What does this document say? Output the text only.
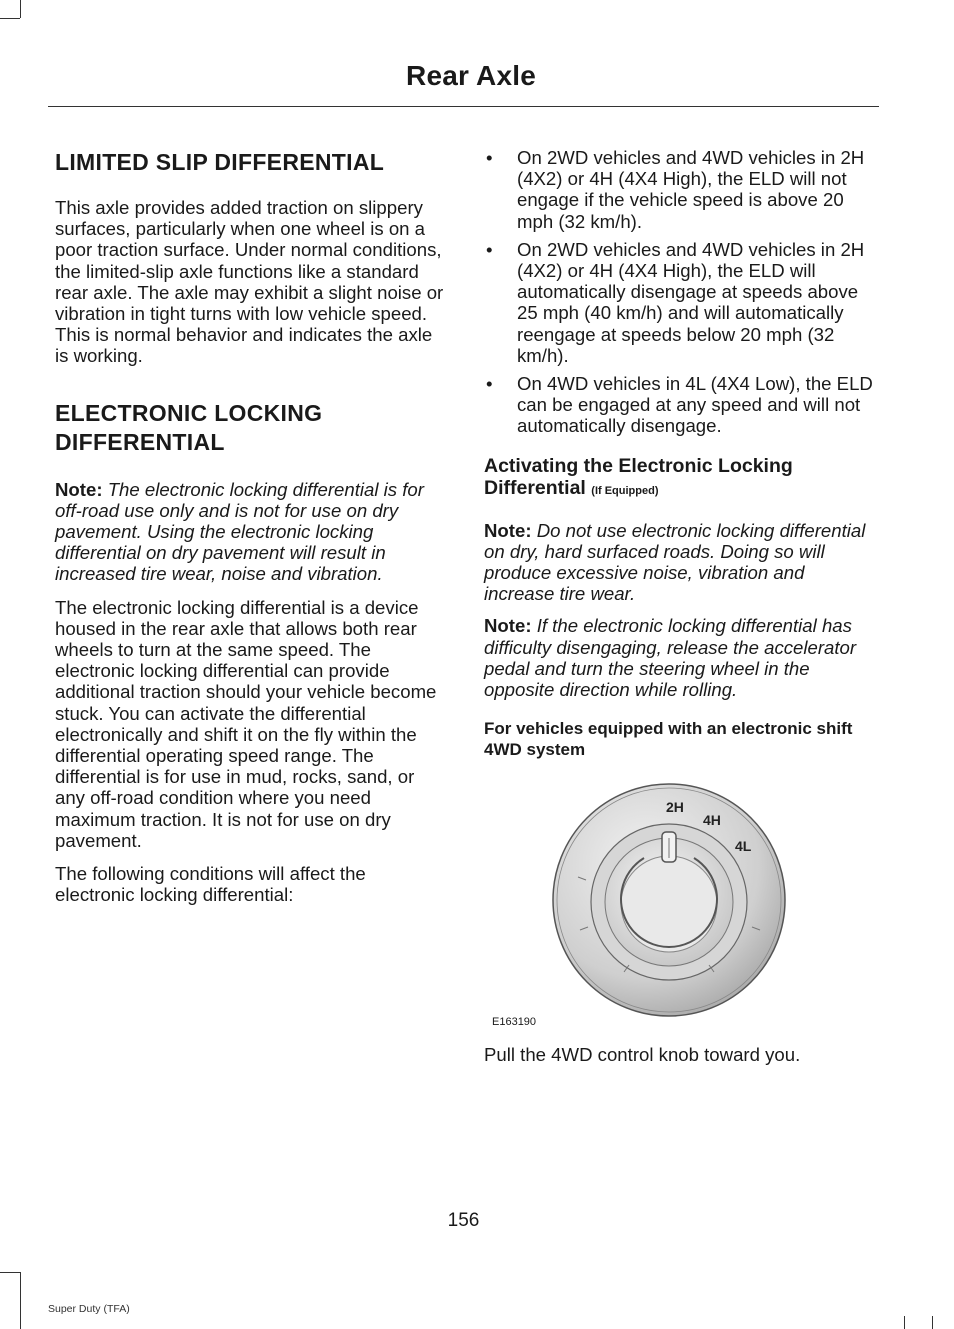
Rear Axle
LIMITED SLIP DIFFERENTIAL

This axle provides added traction on slippery surfaces, particularly when one wheel is on a poor traction surface. Under normal conditions, the limited-slip axle functions like a standard rear axle. The axle may exhibit a slight noise or vibration in tight turns with low vehicle speed. This is normal behavior and indicates the axle is working.

ELECTRONIC LOCKING DIFFERENTIAL

Note: The electronic locking differential is for off-road use only and is not for use on dry pavement. Using the electronic locking differential on dry pavement will result in increased tire wear, noise and vibration.

The electronic locking differential is a device housed in the rear axle that allows both rear wheels to turn at the same speed. The electronic locking differential can provide additional traction should your vehicle become stuck. You can activate the differential electronically and shift it on the fly within the differential operating speed range. The differential is for use in mud, rocks, sand, or any off-road condition where you need maximum traction. It is not for use on dry pavement.

The following conditions will affect the electronic locking differential:

• On 2WD vehicles and 4WD vehicles in 2H (4X2) or 4H (4X4 High), the ELD will not engage if the vehicle speed is above 20 mph (32 km/h).
• On 2WD vehicles and 4WD vehicles in 2H (4X2) or 4H (4X4 High), the ELD will automatically disengage at speeds above 25 mph (40 km/h) and will automatically reengage at speeds below 20 mph (32 km/h).
• On 4WD vehicles in 4L (4X4 Low), the ELD can be engaged at any speed and will not automatically disengage.
Activating the Electronic Locking Differential (If Equipped)

Note: Do not use electronic locking differential on dry, hard surfaced roads. Doing so will produce excessive noise, vibration and increase tire wear.

Note: If the electronic locking differential has difficulty disengaging, release the accelerator pedal and turn the steering wheel in the opposite direction while rolling.

For vehicles equipped with an electronic shift 4WD system
2H
4H
4L
E163190

Pull the 4WD control knob toward you.

156
Super Duty (TFA)
